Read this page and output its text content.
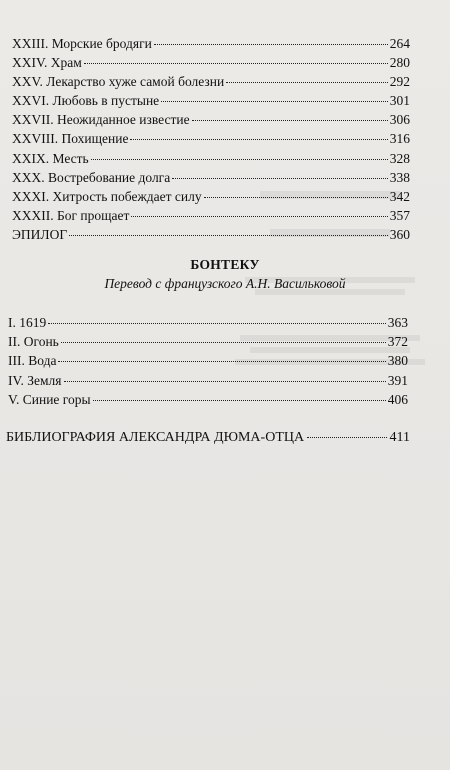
XXIII. Морские бродяги	264
XXIV. Храм	280
XXV. Лекарство хуже самой болезни	292
XXVI. Любовь в пустыне	301
XXVII. Неожиданное известие	306
XXVIII. Похищение	316
XXIX. Месть	328
XXX. Востребование долга	338
XXXI. Хитрость побеждает силу	342
XXXII. Бог прощает	357
ЭПИЛОГ	360
БОНТЕКУ
Перевод с французского А.Н. Васильковой
I. 1619	363
II. Огонь	372
III. Вода	380
IV. Земля	391
V. Синие горы	406
БИБЛИОГРАФИЯ АЛЕКСАНДРА ДЮМА-ОТЦА	411
